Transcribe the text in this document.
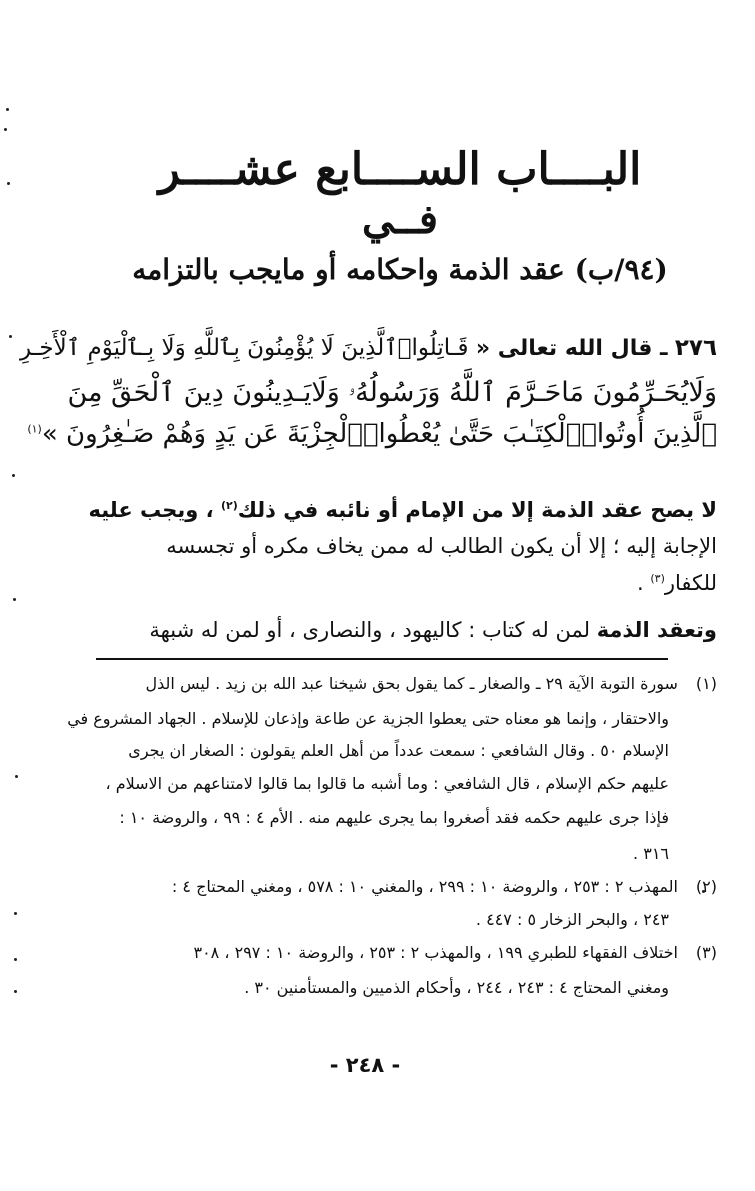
البــــاب الســــابع عشــــر
فــي
(٩٤/ب) عقد الذمة واحكامه أو مايجب بالتزامه
٢٧٦ ـ قال الله تعالى « قَـاتِلُوا۟ٱلَّذِينَ لَا يُؤْمِنُونَ بِٱللَّهِ وَلَا بِـٱلْيَوْمِ ٱلْأَخِـرِ
وَلَايُحَـرِّمُونَ مَاحَـرَّمَ ٱللَّهُ وَرَسُولُهُۥ وَلَايَـدِينُونَ دِينَ ٱلْحَقِّ مِنَ
ٱلَّذِينَ أُوتُوا۟ٱلْكِتَـٰبَ حَتَّىٰ يُعْطُوا۟ٱلْجِزْيَةَ عَن يَدٍ وَهُمْ صَـٰغِرُونَ »$^{(١)}$
لا يصح عقد الذمة إلا من الإمام أو نائبه في ذلك$^{(٢)}$ ، ويجب عليه
الإجابة إليه ؛ إلا أن يكون الطالب له ممن يخاف مكره أو تجسسه
للكفار$^{(٣)}$ .
وتعقد الذمة لمن له كتاب : كاليهود ، والنصارى ، أو لمن له شبهة
(١)سورة التوبة الآية ٢٩ ـ والصغار ـ كما يقول بحق شيخنا عبد الله بن زيد . ليس الذل
والاحتقار ، وإنما هو معناه حتى يعطوا الجزية عن طاعة وإذعان للإسلام . الجهاد المشروع في
الإسلام ٥٠ . وقال الشافعي : سمعت عدداً من أهل العلم يقولون : الصغار ان يجرى
عليهم حكم الإسلام ، قال الشافعي : وما أشبه ما قالوا بما قالوا لامتناعهم من الاسلام ،
فإذا جرى عليهم حكمه فقد أصغروا بما يجرى عليهم منه . الأم ٤ : ٩٩ ، والروضة ١٠ :
٣١٦ .
(٢)المهذب ٢ : ٢٥٣ ، والروضة ١٠ : ٢٩٩ ، والمغني ١٠ : ٥٧٨ ، ومغني المحتاج ٤ :
٢٤٣ ، والبحر الزخار ٥ : ٤٤٧ .
(٣)اختلاف الفقهاء للطبري ١٩٩ ، والمهذب ٢ : ٢٥٣ ، والروضة ١٠ : ٢٩٧ ، ٣٠٨
ومغني المحتاج ٤ : ٢٤٣ ، ٢٤٤ ، وأحكام الذميين والمستأمنين ٣٠ .
- ٢٤٨ -
